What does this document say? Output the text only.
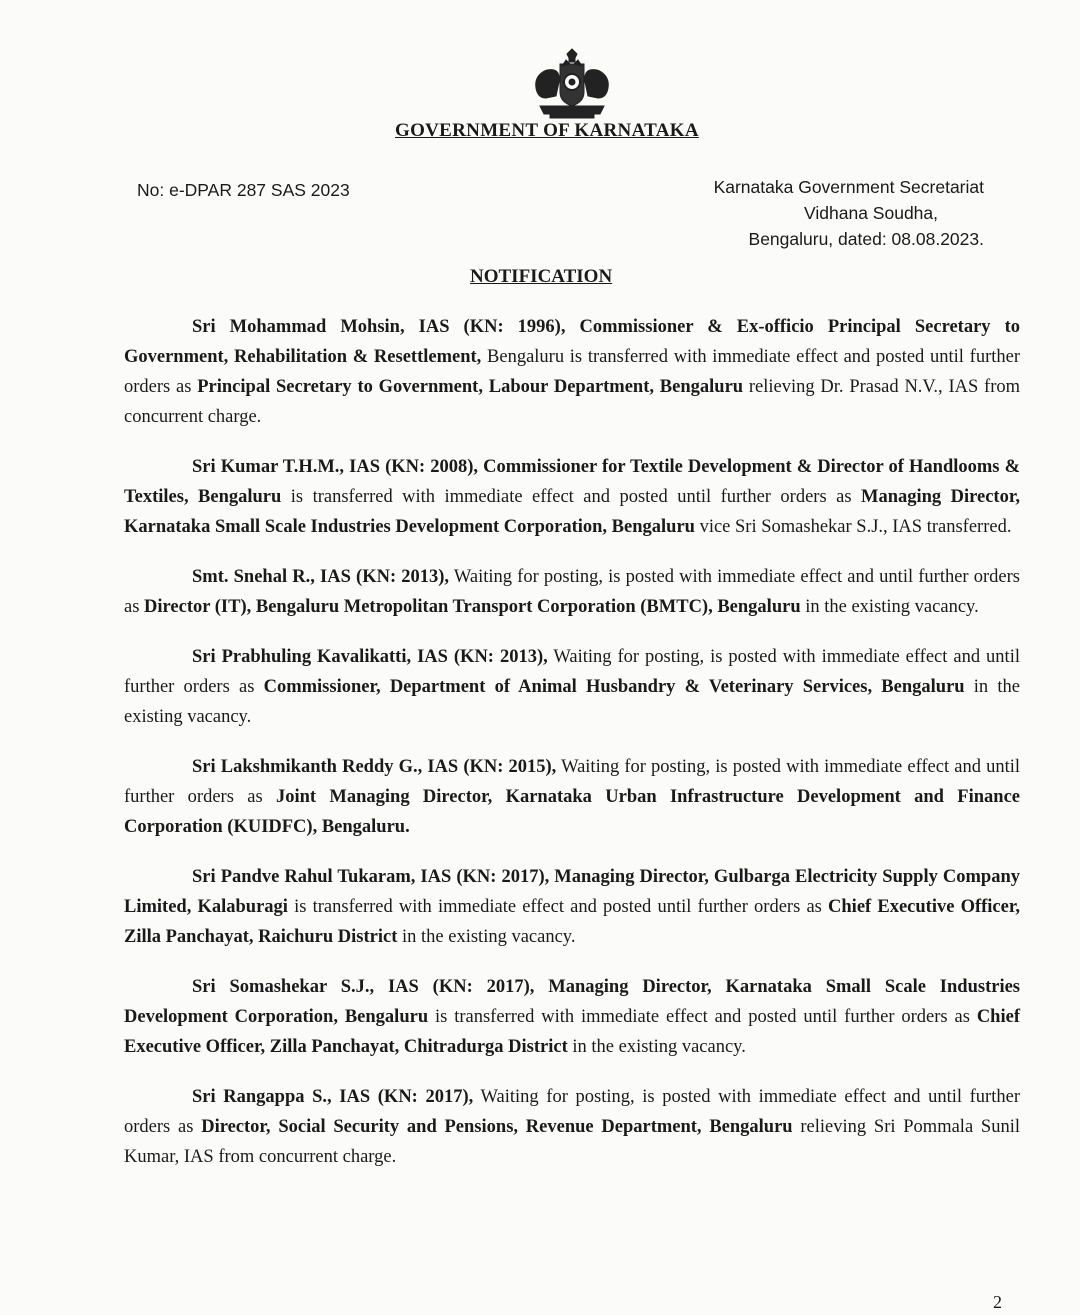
GOVERNMENT OF KARNATAKA
No: e-DPAR 287 SAS 2023	Karnataka Government Secretariat
Vidhana Soudha,
Bengaluru, dated: 08.08.2023.
NOTIFICATION

Sri Mohammad Mohsin, IAS (KN: 1996), Commissioner & Ex-officio Principal Secretary to Government, Rehabilitation & Resettlement, Bengaluru is transferred with immediate effect and posted until further orders as Principal Secretary to Government, Labour Department, Bengaluru relieving Dr. Prasad N.V., IAS from concurrent charge.

Sri Kumar T.H.M., IAS (KN: 2008), Commissioner for Textile Development & Director of Handlooms & Textiles, Bengaluru is transferred with immediate effect and posted until further orders as Managing Director, Karnataka Small Scale Industries Development Corporation, Bengaluru vice Sri Somashekar S.J., IAS transferred.

Smt. Snehal R., IAS (KN: 2013), Waiting for posting, is posted with immediate effect and until further orders as Director (IT), Bengaluru Metropolitan Transport Corporation (BMTC), Bengaluru in the existing vacancy.

Sri Prabhuling Kavalikatti, IAS (KN: 2013), Waiting for posting, is posted with immediate effect and until further orders as Commissioner, Department of Animal Husbandry & Veterinary Services, Bengaluru in the existing vacancy.

Sri Lakshmikanth Reddy G., IAS (KN: 2015), Waiting for posting, is posted with immediate effect and until further orders as Joint Managing Director, Karnataka Urban Infrastructure Development and Finance Corporation (KUIDFC), Bengaluru.

Sri Pandve Rahul Tukaram, IAS (KN: 2017), Managing Director, Gulbarga Electricity Supply Company Limited, Kalaburagi is transferred with immediate effect and posted until further orders as Chief Executive Officer, Zilla Panchayat, Raichuru District in the existing vacancy.

Sri Somashekar S.J., IAS (KN: 2017), Managing Director, Karnataka Small Scale Industries Development Corporation, Bengaluru is transferred with immediate effect and posted until further orders as Chief Executive Officer, Zilla Panchayat, Chitradurga District in the existing vacancy.

Sri Rangappa S., IAS (KN: 2017), Waiting for posting, is posted with immediate effect and until further orders as Director, Social Security and Pensions, Revenue Department, Bengaluru relieving Sri Pommala Sunil Kumar, IAS from concurrent charge.

2
